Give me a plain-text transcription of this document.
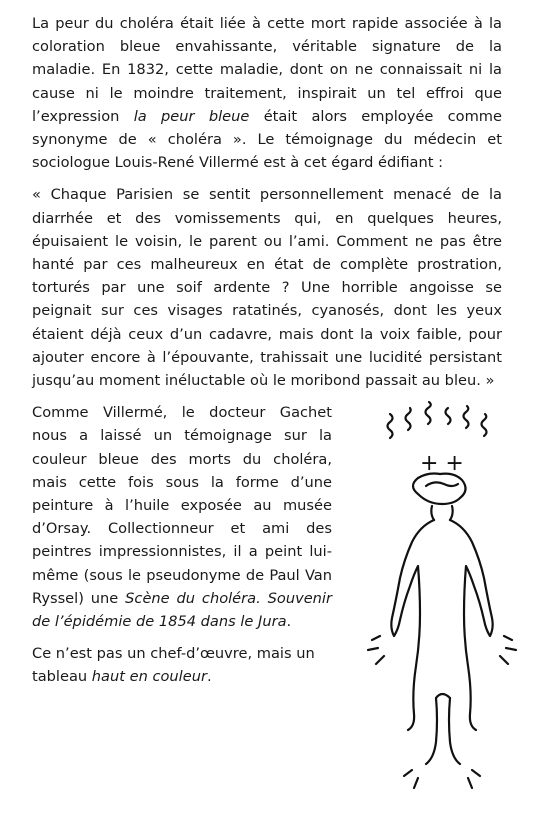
La peur du choléra était liée à cette mort rapide associée à la coloration bleue envahissante, véritable signature de la maladie. En 1832, cette maladie, dont on ne connaissait ni la cause ni le moindre traitement, inspirait un tel effroi que l’expression la peur bleue était alors employée comme synonyme de « choléra ». Le témoignage du médecin et sociologue Louis-René Villermé est à cet égard édifiant :

« Chaque Parisien se sentit personnellement menacé de la diarrhée et des vomissements qui, en quelques heures, épuisaient le voisin, le parent ou l’ami. Comment ne pas être hanté par ces malheureux en état de complète prostration, torturés par une soif ardente ? Une horrible angoisse se peignait sur ces visages ratatinés, cyanosés, dont les yeux étaient déjà ceux d’un cadavre, mais dont la voix faible, pour ajouter encore à l’épouvante, trahissait une lucidité persistant jusqu’au moment inéluctable où le moribond passait au bleu. »

Comme Villermé, le docteur Gachet nous a laissé un témoignage sur la couleur bleue des morts du choléra, mais cette fois sous la forme d’une peinture à l’huile exposée au musée d’Orsay. Collectionneur et ami des peintres impressionnistes, il a peint lui-même (sous le pseudonyme de Paul Van Ryssel) une Scène du choléra. Souvenir de l’épidémie de 1854 dans le Jura.

Ce n’est pas un chef-d’œuvre, mais un tableau haut en couleur.

+ +
